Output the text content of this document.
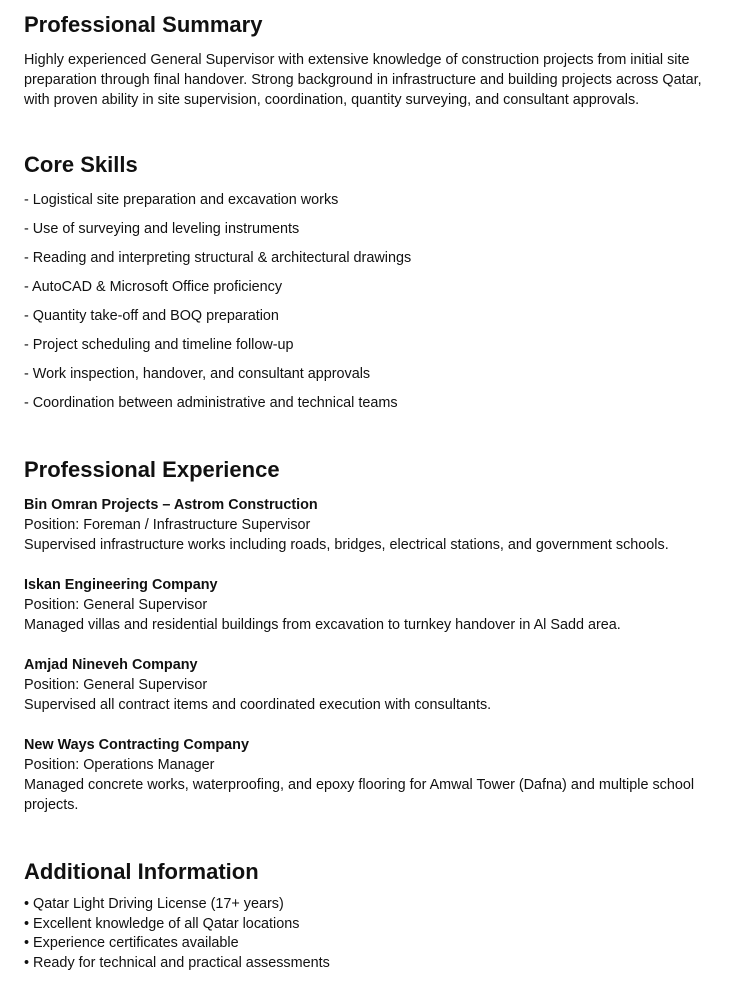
Professional Summary

Highly experienced General Supervisor with extensive knowledge of construction projects from initial site preparation through final handover. Strong background in infrastructure and building projects across Qatar, with proven ability in site supervision, coordination, quantity surveying, and consultant approvals.

Core Skills
- Logistical site preparation and excavation works
- Use of surveying and leveling instruments
- Reading and interpreting structural & architectural drawings
- AutoCAD & Microsoft Office proficiency
- Quantity take-off and BOQ preparation
- Project scheduling and timeline follow-up
- Work inspection, handover, and consultant approvals
- Coordination between administrative and technical teams
Professional Experience
Bin Omran Projects – Astrom Construction
Position: Foreman / Infrastructure Supervisor
Supervised infrastructure works including roads, bridges, electrical stations, and government schools.
Iskan Engineering Company
Position: General Supervisor
Managed villas and residential buildings from excavation to turnkey handover in Al Sadd area.
Amjad Nineveh Company
Position: General Supervisor
Supervised all contract items and coordinated execution with consultants.
New Ways Contracting Company
Position: Operations Manager
Managed concrete works, waterproofing, and epoxy flooring for Amwal Tower (Dafna) and multiple school projects.
Additional Information
• Qatar Light Driving License (17+ years)
• Excellent knowledge of all Qatar locations
• Experience certificates available
• Ready for technical and practical assessments
